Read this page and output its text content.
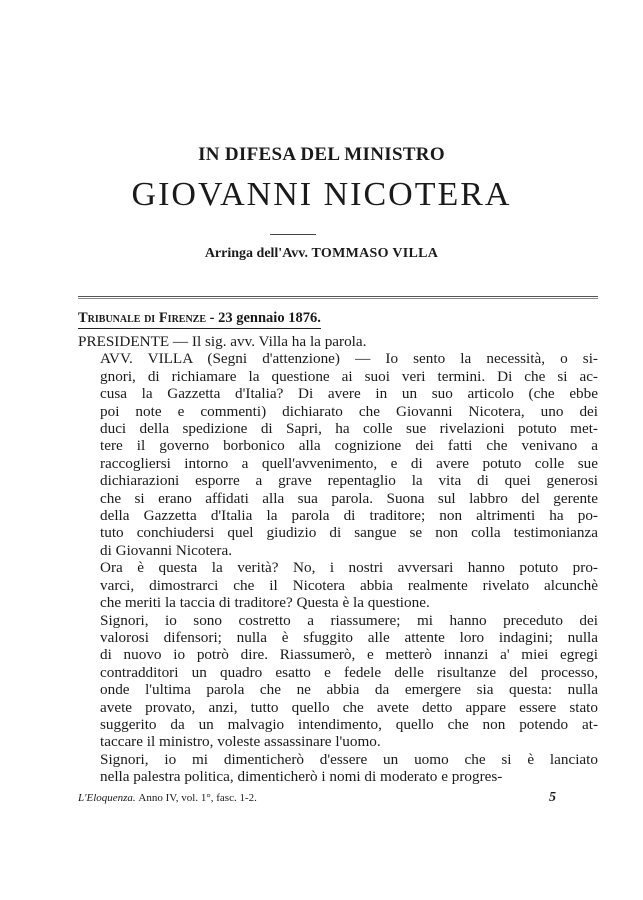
IN DIFESA DEL MINISTRO
GIOVANNI NICOTERA
Arringa dell'Avv. TOMMASO VILLA
Tribunale di Firenze - 23 gennaio 1876.
PRESIDENTE — Il sig. avv. Villa ha la parola.
AVV. VILLA (Segni d'attenzione) — Io sento la necessità, o si-
gnori, di richiamare la questione ai suoi veri termini. Di che si ac-
cusa la Gazzetta d'Italia? Di avere in un suo articolo (che ebbe
poi note e commenti) dichiarato che Giovanni Nicotera, uno dei
duci della spedizione di Sapri, ha colle sue rivelazioni potuto met-
tere il governo borbonico alla cognizione dei fatti che venivano a
raccogliersi intorno a quell'avvenimento, e di avere potuto colle sue
dichiarazioni esporre a grave repentaglio la vita di quei generosi
che si erano affidati alla sua parola. Suona sul labbro del gerente
della Gazzetta d'Italia la parola di traditore; non altrimenti ha po-
tuto conchiudersi quel giudizio di sangue se non colla testimonianza
di Giovanni Nicotera.
Ora è questa la verità? No, i nostri avversari hanno potuto pro-
varci, dimostrarci che il Nicotera abbia realmente rivelato alcunchè
che meriti la taccia di traditore? Questa è la questione.
Signori, io sono costretto a riassumere; mi hanno preceduto dei
valorosi difensori; nulla è sfuggito alle attente loro indagini; nulla
di nuovo io potrò dire. Riassumerò, e metterò innanzi a' miei egregi
contradditori un quadro esatto e fedele delle risultanze del processo,
onde l'ultima parola che ne abbia da emergere sia questa: nulla
avete provato, anzi, tutto quello che avete detto appare essere stato
suggerito da un malvagio intendimento, quello che non potendo at-
taccare il ministro, voleste assassinare l'uomo.
Signori, io mi dimenticherò d'essere un uomo che si è lanciato
nella palestra politica, dimenticherò i nomi di moderato e progres-
L'Eloquenza. Anno IV, vol. 1°, fasc. 1-2.	5
